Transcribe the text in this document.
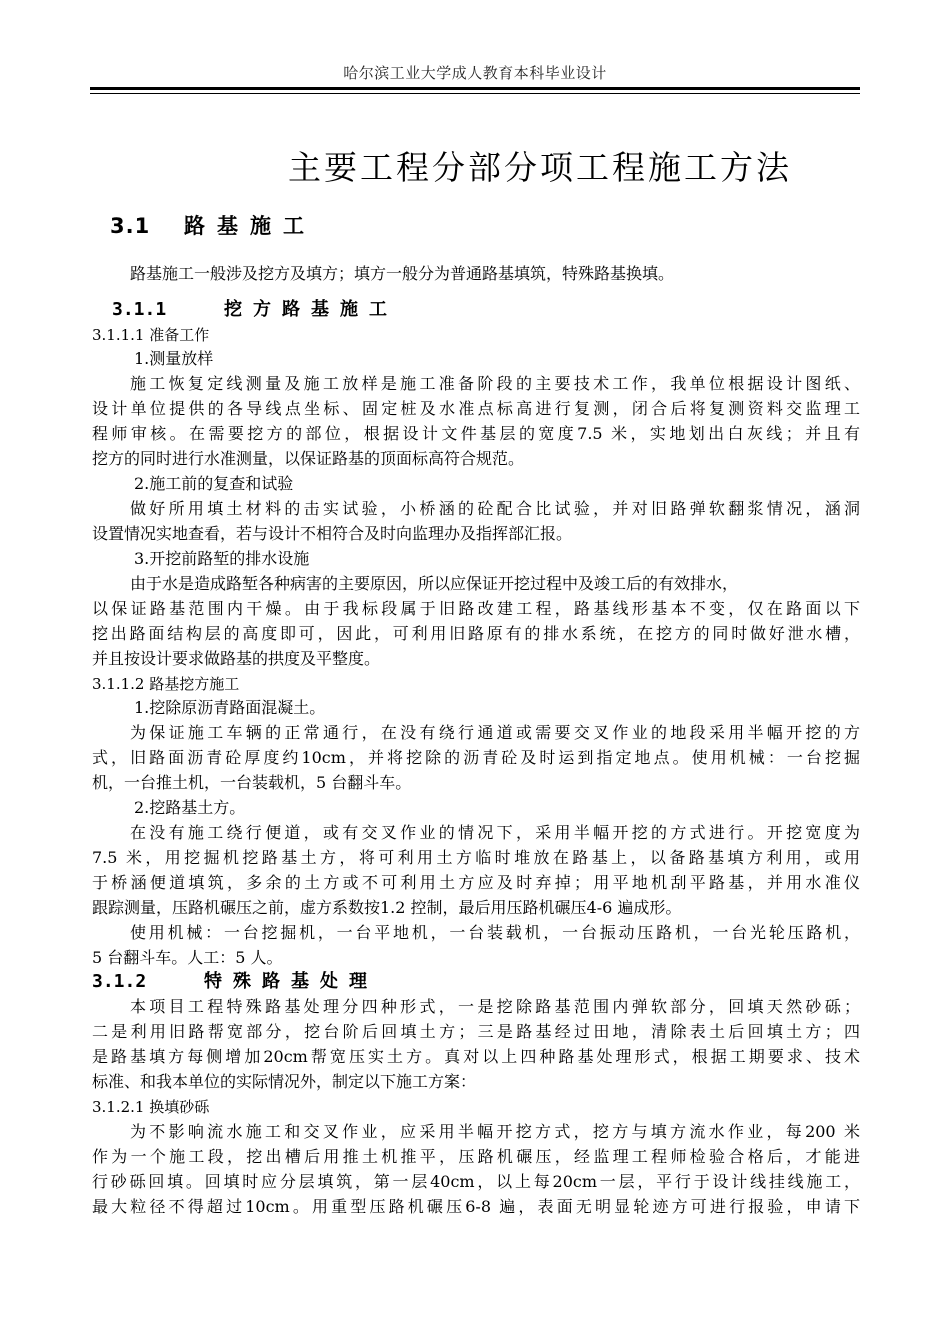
哈尔滨工业大学成人教育本科毕业设计
主要工程分部分项工程施工方法
3.1 路基施工
路基施工一般涉及挖方及填方；填方一般分为普通路基填筑，特殊路基换填。
3.1.1	挖方路基施工
3.1.1.1 准备工作
1.测量放样
施工恢复定线测量及施工放样是施工准备阶段的主要技术工作，我单位根据设计图纸、
设计单位提供的各导线点坐标、固定桩及水准点标高进行复测，闭合后将复测资料交监理工
程师审核。在需要挖方的部位，根据设计文件基层的宽度7.5 米，实地划出白灰线；并且有
挖方的同时进行水准测量，以保证路基的顶面标高符合规范。
2.施工前的复查和试验
做好所用填土材料的击实试验，小桥涵的砼配合比试验，并对旧路弹软翻浆情况，涵洞
设置情况实地查看，若与设计不相符合及时向监理办及指挥部汇报。
3.开挖前路堑的排水设施
由于水是造成路堑各种病害的主要原因，所以应保证开挖过程中及竣工后的有效排水，
以保证路基范围内干燥。由于我标段属于旧路改建工程，路基线形基本不变，仅在路面以下
挖出路面结构层的高度即可，因此，可利用旧路原有的排水系统，在挖方的同时做好泄水槽，
并且按设计要求做路基的拱度及平整度。
3.1.1.2 路基挖方施工
1.挖除原沥青路面混凝土。
为保证施工车辆的正常通行，在没有绕行通道或需要交叉作业的地段采用半幅开挖的方
式，旧路面沥青砼厚度约10cm，并将挖除的沥青砼及时运到指定地点。使用机械：一台挖掘
机，一台推土机，一台装载机，5 台翻斗车。
2.挖路基土方。
在没有施工绕行便道，或有交叉作业的情况下，采用半幅开挖的方式进行。开挖宽度为
7.5 米，用挖掘机挖路基土方，将可利用土方临时堆放在路基上，以备路基填方利用，或用
于桥涵便道填筑，多余的土方或不可利用土方应及时弃掉；用平地机刮平路基，并用水准仪
跟踪测量，压路机碾压之前，虚方系数按1.2 控制，最后用压路机碾压4-6 遍成形。
使用机械：一台挖掘机，一台平地机，一台装载机，一台振动压路机，一台光轮压路机，
5 台翻斗车。人工：5 人。
3.1.2	特殊路基处理
本项目工程特殊路基处理分四种形式，一是挖除路基范围内弹软部分，回填天然砂砾；
二是利用旧路帮宽部分，挖台阶后回填土方；三是路基经过田地，清除表土后回填土方；四
是路基填方每侧增加20cm帮宽压实土方。真对以上四种路基处理形式，根据工期要求、技术
标准、和我本单位的实际情况外，制定以下施工方案：
3.1.2.1 换填砂砾
为不影响流水施工和交叉作业，应采用半幅开挖方式，挖方与填方流水作业，每200 米
作为一个施工段，挖出槽后用推土机推平，压路机碾压，经监理工程师检验合格后，才能进
行砂砾回填。回填时应分层填筑，第一层40cm，以上每20cm一层，平行于设计线挂线施工，
最大粒径不得超过10cm。用重型压路机碾压6-8 遍，表面无明显轮迹方可进行报验，申请下
